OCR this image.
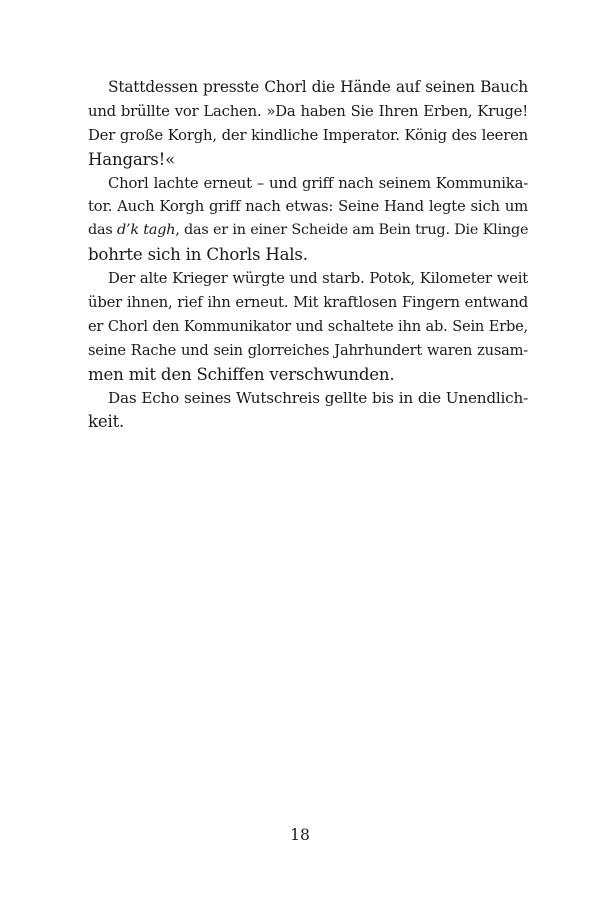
Stattdessen presste Chorl die Hände auf seinen Bauch
und brüllte vor Lachen. »Da haben Sie Ihren Erben, Kruge!
Der große Korgh, der kindliche Imperator. König des leeren
Hangars!«
Chorl lachte erneut – und griff nach seinem Kommunika-
tor. Auch Korgh griff nach etwas: Seine Hand legte sich um
das d’k tagh, das er in einer Scheide am Bein trug. Die Klinge
bohrte sich in Chorls Hals.
Der alte Krieger würgte und starb. Potok, Kilometer weit
über ihnen, rief ihn erneut. Mit kraftlosen Fingern entwand
er Chorl den Kommunikator und schaltete ihn ab. Sein Erbe,
seine Rache und sein glorreiches Jahrhundert waren zusam-
men mit den Schiffen verschwunden.
Das Echo seines Wutschreis gellte bis in die Unendlich-
keit.
18
